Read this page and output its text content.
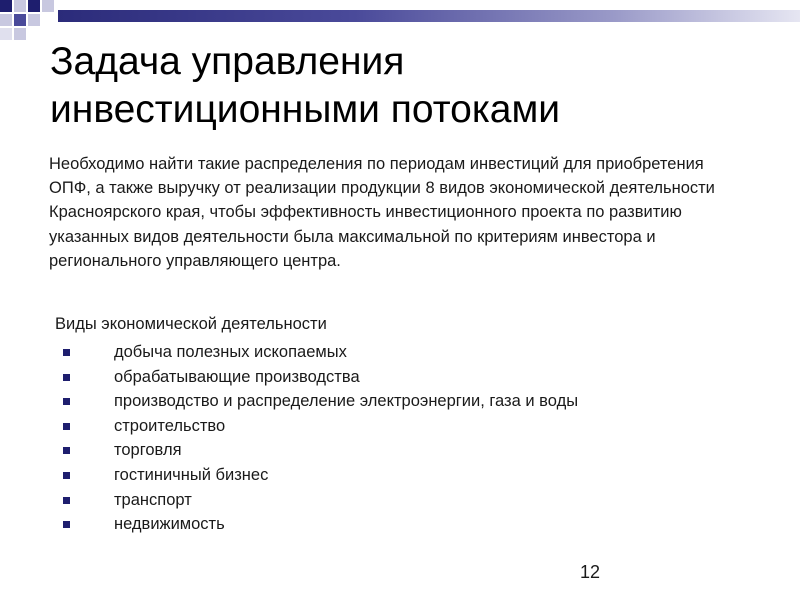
Задача управления
инвестиционными потоками

Необходимо найти такие распределения по периодам инвестиций для приобретения ОПФ, а также выручку от реализации продукции 8 видов экономической деятельности Красноярского края, чтобы эффективность инвестиционного проекта по развитию указанных видов деятельности была максимальной по критериям инвестора и регионального управляющего центра.

Виды экономической деятельности

добыча полезных ископаемых
обрабатывающие производства
производство и распределение электроэнергии, газа и воды
строительство
торговля
гостиничный бизнес
транспорт
недвижимость
12
